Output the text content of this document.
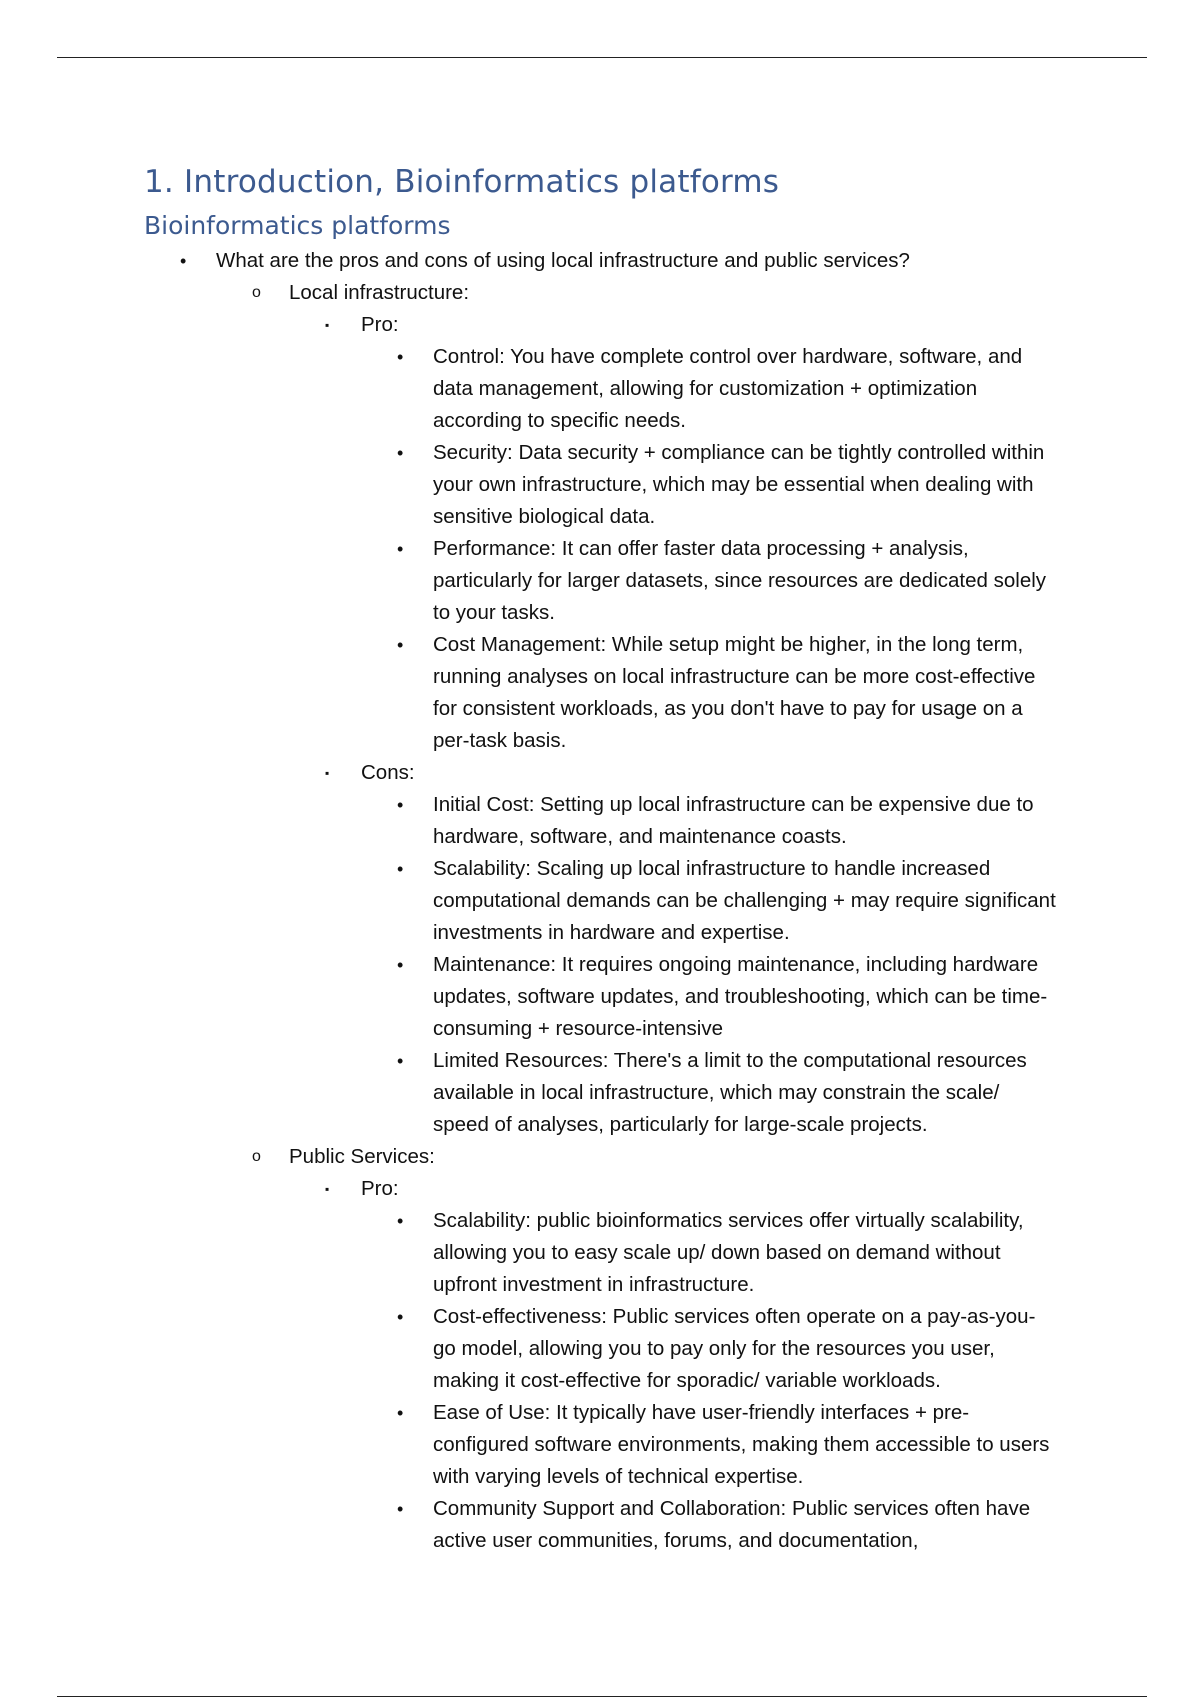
1. Introduction, Bioinformatics platforms
Bioinformatics platforms
• What are the pros and cons of using local infrastructure and public services?
o Local infrastructure:
▪ Pro:
• Control: You have complete control over hardware, software, and data management, allowing for customization + optimization according to specific needs.
• Security: Data security + compliance can be tightly controlled within your own infrastructure, which may be essential when dealing with sensitive biological data.
• Performance: It can offer faster data processing + analysis, particularly for larger datasets, since resources are dedicated solely to your tasks.
• Cost Management: While setup might be higher, in the long term, running analyses on local infrastructure can be more cost-effective for consistent workloads, as you don't have to pay for usage on a per-task basis.
▪ Cons:
• Initial Cost: Setting up local infrastructure can be expensive due to hardware, software, and maintenance coasts.
• Scalability: Scaling up local infrastructure to handle increased computational demands can be challenging + may require significant investments in hardware and expertise.
• Maintenance: It requires ongoing maintenance, including hardware updates, software updates, and troubleshooting, which can be time-consuming + resource-intensive
• Limited Resources: There's a limit to the computational resources available in local infrastructure, which may constrain the scale/ speed of analyses, particularly for large-scale projects.
o Public Services:
▪ Pro:
• Scalability: public bioinformatics services offer virtually scalability, allowing you to easy scale up/ down based on demand without upfront investment in infrastructure.
• Cost-effectiveness: Public services often operate on a pay-as-you-go model, allowing you to pay only for the resources you user, making it cost-effective for sporadic/ variable workloads.
• Ease of Use: It typically have user-friendly interfaces + pre-configured software environments, making them accessible to users with varying levels of technical expertise.
• Community Support and Collaboration: Public services often have active user communities, forums, and documentation,
